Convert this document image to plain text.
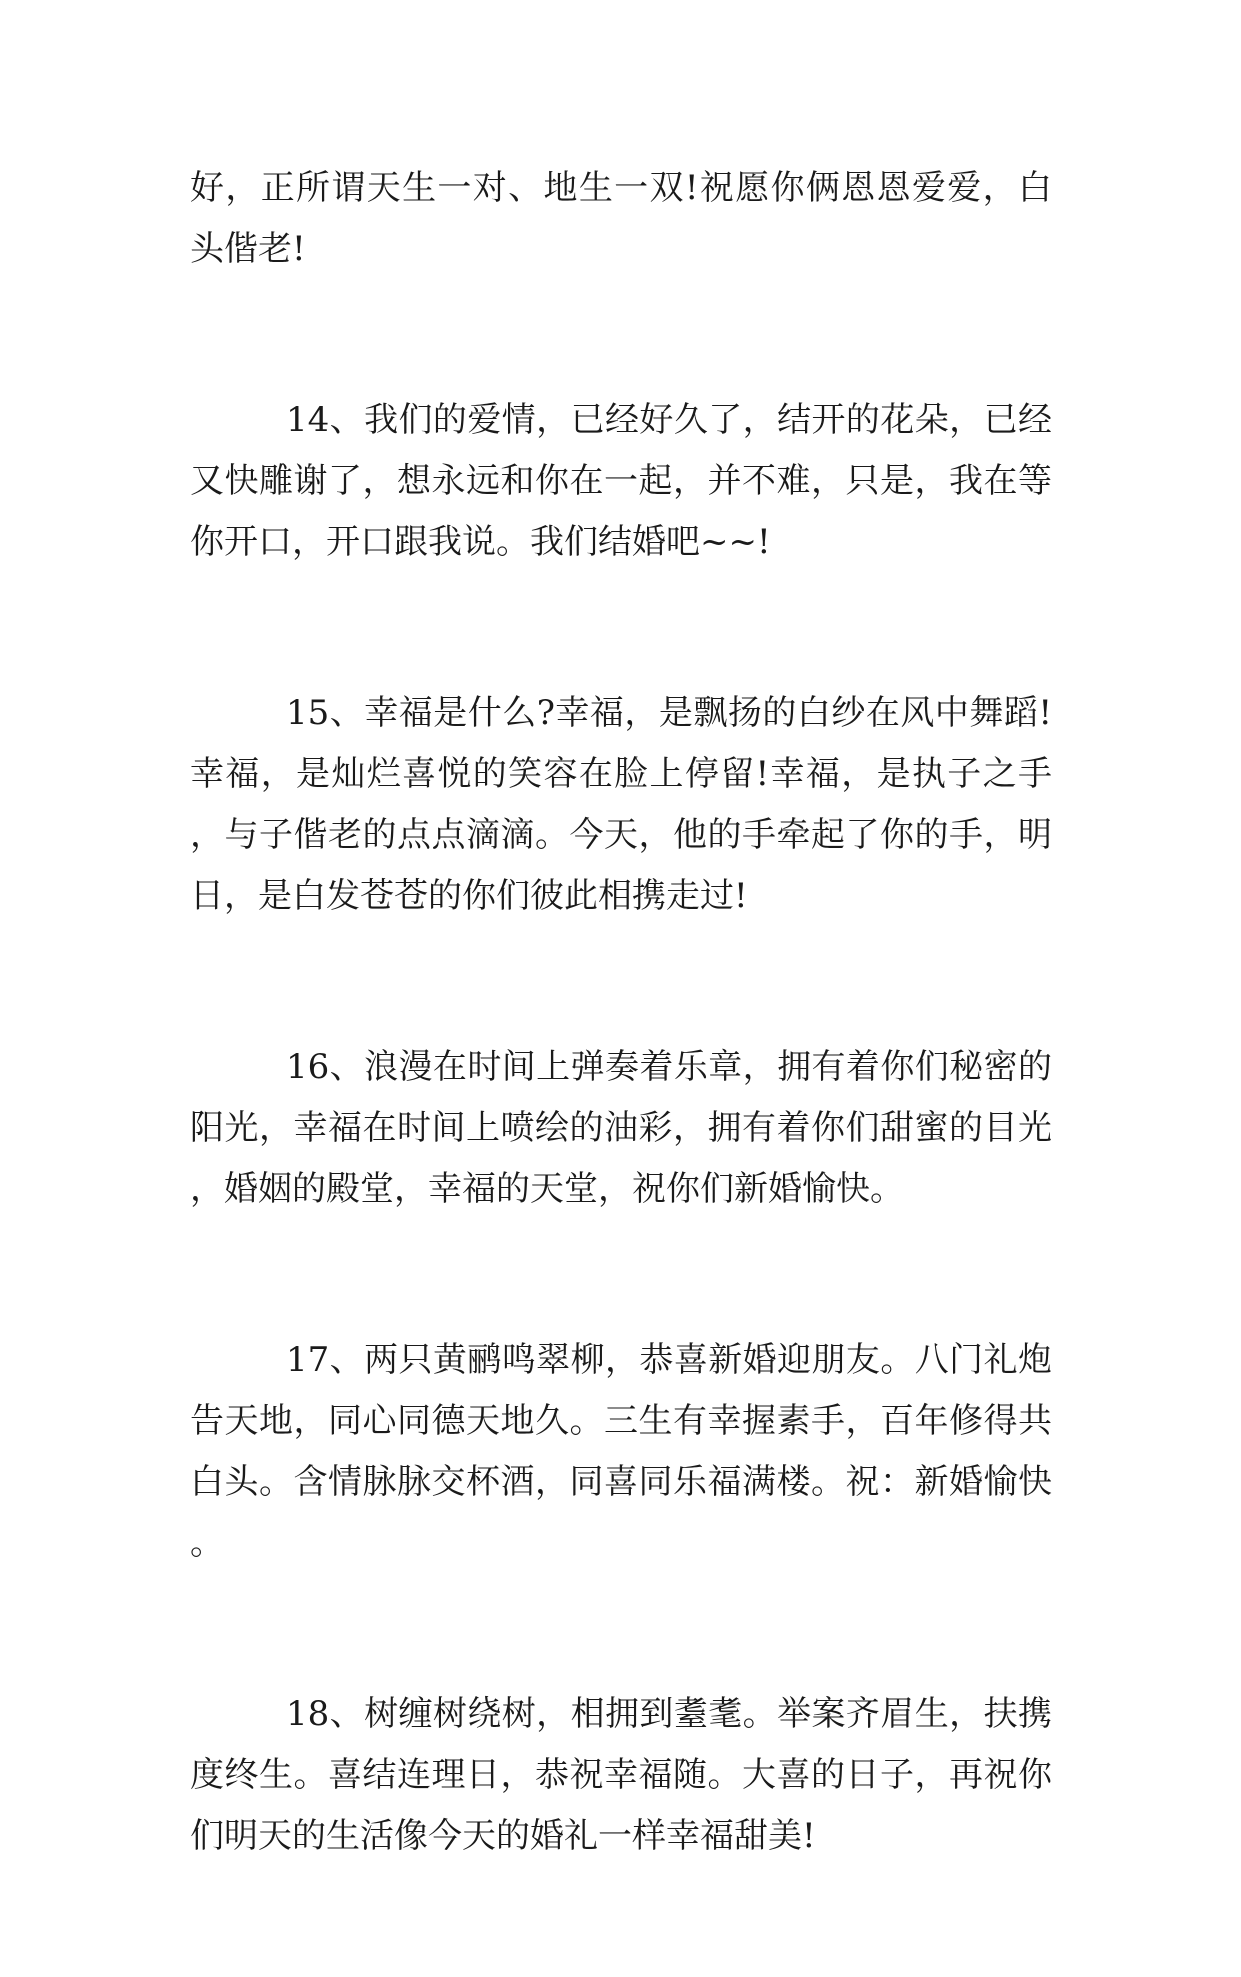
好，正所谓天生一对、地生一双!祝愿你俩恩恩爱爱，白头偕老!

14、我们的爱情，已经好久了，结开的花朵，已经又快雕谢了，想永远和你在一起，并不难，只是，我在等你开口，开口跟我说。我们结婚吧~~!

15、幸福是什么?幸福，是飘扬的白纱在风中舞蹈!幸福，是灿烂喜悦的笑容在脸上停留!幸福，是执子之手，与子偕老的点点滴滴。今天，他的手牵起了你的手，明日，是白发苍苍的你们彼此相携走过!

16、浪漫在时间上弹奏着乐章，拥有着你们秘密的阳光，幸福在时间上喷绘的油彩，拥有着你们甜蜜的目光，婚姻的殿堂，幸福的天堂，祝你们新婚愉快。

17、两只黄鹂鸣翠柳，恭喜新婚迎朋友。八门礼炮告天地，同心同德天地久。三生有幸握素手，百年修得共白头。含情脉脉交杯酒，同喜同乐福满楼。祝：新婚愉快。

18、树缠树绕树，相拥到耋耄。举案齐眉生，扶携度终生。喜结连理日，恭祝幸福随。大喜的日子，再祝你们明天的生活像今天的婚礼一样幸福甜美!
